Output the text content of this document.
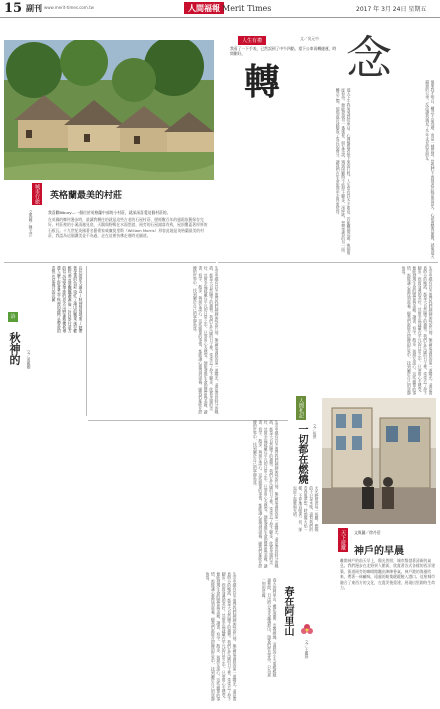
15 副刊 www.merit-times.com.tw	人間福報 Merit Times	2017 年 3月 24日 星期五
城市行旅 英格蘭最美的村莊
文與圖／陳玉芸	我喜歡Bibury—一個位於英格蘭中部的小村莊，就深深喜愛這個村莊的。
在英國的鄉村漫步時，最讓我嚮往的就是這些古老的石屋村莊，歷經數百年的風霜依舊保存完好。村莊裡的小溪清澈見底，天鵝與野鴨在水面悠游，兩旁的石屋錯落有致，屋頂覆蓋著厚厚的石板瓦。十九世紀英國著名藝術家威廉莫里斯（William Morris）形容此地是英格蘭最美的村莊，我認為這個讚美並不為過，走在這裡彷彿走進時光隧道。
詩	長長的夏天過去了 秋神悄悄地來了 她帶著金黃的色彩 染紅了滿山的楓葉 風兒輕輕吹過 落葉飄飄灑灑 像一封封寄往遠方的信 訴說著季節的思念 田野裡稻穗低垂 農人臉上掛著笑容 秋神的禮物 是豐收的喜悅 也是歲月的沉澱
秋神的	文／黃麗卿
人生有禮
轉 念
文／吳元中
我看了一下手表，已然誤到了中午四點，望下公車再轉捷運，時間剛好。
那天下午我匆匆趕往車站，心裡盤算著接下來的行程。人生常有許多不如意，若能轉個念頭，換個角度看待，便能發現另一番風景。朋友常說，遇到困難時不妨停下腳步，深呼吸，想想事情的另一面。轉念之間，煩惱或許就變成了成長的養分，讓我們在生命旅途中走得更從容。	後來我才明白，轉念不是逃避，而是一種智慧。當我們不再執著於眼前的得失，心就會變得開闊。就像那天錯過的公車，反而讓我遇見了多年未見的老朋友。
生活中總有許多值得我們細細品味的片刻，無論是清晨的第一道陽光，還是黃昏時分的晚霞，都是大自然賜予的禮物。我們在忙碌的日子裡，常常忘了停下腳步，欣賞身邊的美好。其實幸福就藏在平凡的日常之中，只要用心去感受，便能發現生命的豐富與美麗。讀書、寫字、散步、與朋友談心，這些簡單的事情，都能讓心靈得到滋養。願我們都能在紛擾的世界中，找到屬於自己的寧靜角落。	生活中總有許多值得我們細細品味的片刻，無論是清晨的第一道陽光，還是黃昏時分的晚霞，都是大自然賜予的禮物。我們在忙碌的日子裡，常常忘了停下腳步，欣賞身邊的美好。其實幸福就藏在平凡的日常之中，只要用心去感受，便能發現生命的豐富與美麗。讀書、寫字、散步、與朋友談心，這些簡單的事情，都能讓心靈得到滋養。願我們都能在紛擾的世界中，找到屬於自己的寧靜角落。
生活中總有許多值得我們細細品味的片刻，無論是清晨的第一道陽光，還是黃昏時分的晚霞，都是大自然賜予的禮物。我們在忙碌的日子裡，常常忘了停下腳步，欣賞身邊的美好。其實幸福就藏在平凡的日常之中，只要用心去感受，便能發現生命的豐富與美麗。讀書、寫字、散步、與朋友談心，這些簡單的事情，都能讓心靈得到滋養。願我們都能在紛擾的世界中，找到屬於自己的寧靜角落。
人間札記
一切都在燃燒	文／張世
火光映照著每一張臉，燃燒的不只是木柴，還有我們的青春與夢想。時間像火焰一樣，不停地吞噬著一切，卻也留下溫暖與光明。
天下遊蹤	文與圖／徐丹蓓
神戶的早晨
離開神戶的前天早上，陽光普照，城市散發著清新的氣息。我們漫步在北野異人館街，欣賞著各式各樣的西洋建築，街道兩旁的咖啡館飄出陣陣香氣。神戶港的海風吹來，帶著一絲鹹味，遠處的船隻緩緩駛入港口。這座城市融合了東西方的文化，在震災後重建，展現出堅韌的生命力。
春在阿里山
文／王麗珍
春天的阿里山，櫻花盛開，雲霧繚繞。清晨的小火車緩緩駛過林間，日出時分金光灑滿群山，遊客們屏息等待，只為那一刻的壯麗。
生活中總有許多值得我們細細品味的片刻，無論是清晨的第一道陽光，還是黃昏時分的晚霞，都是大自然賜予的禮物。我們在忙碌的日子裡，常常忘了停下腳步，欣賞身邊的美好。其實幸福就藏在平凡的日常之中，只要用心去感受，便能發現生命的豐富與美麗。讀書、寫字、散步、與朋友談心，這些簡單的事情，都能讓心靈得到滋養。願我們都能在紛擾的世界中，找到屬於自己的寧靜角落。
